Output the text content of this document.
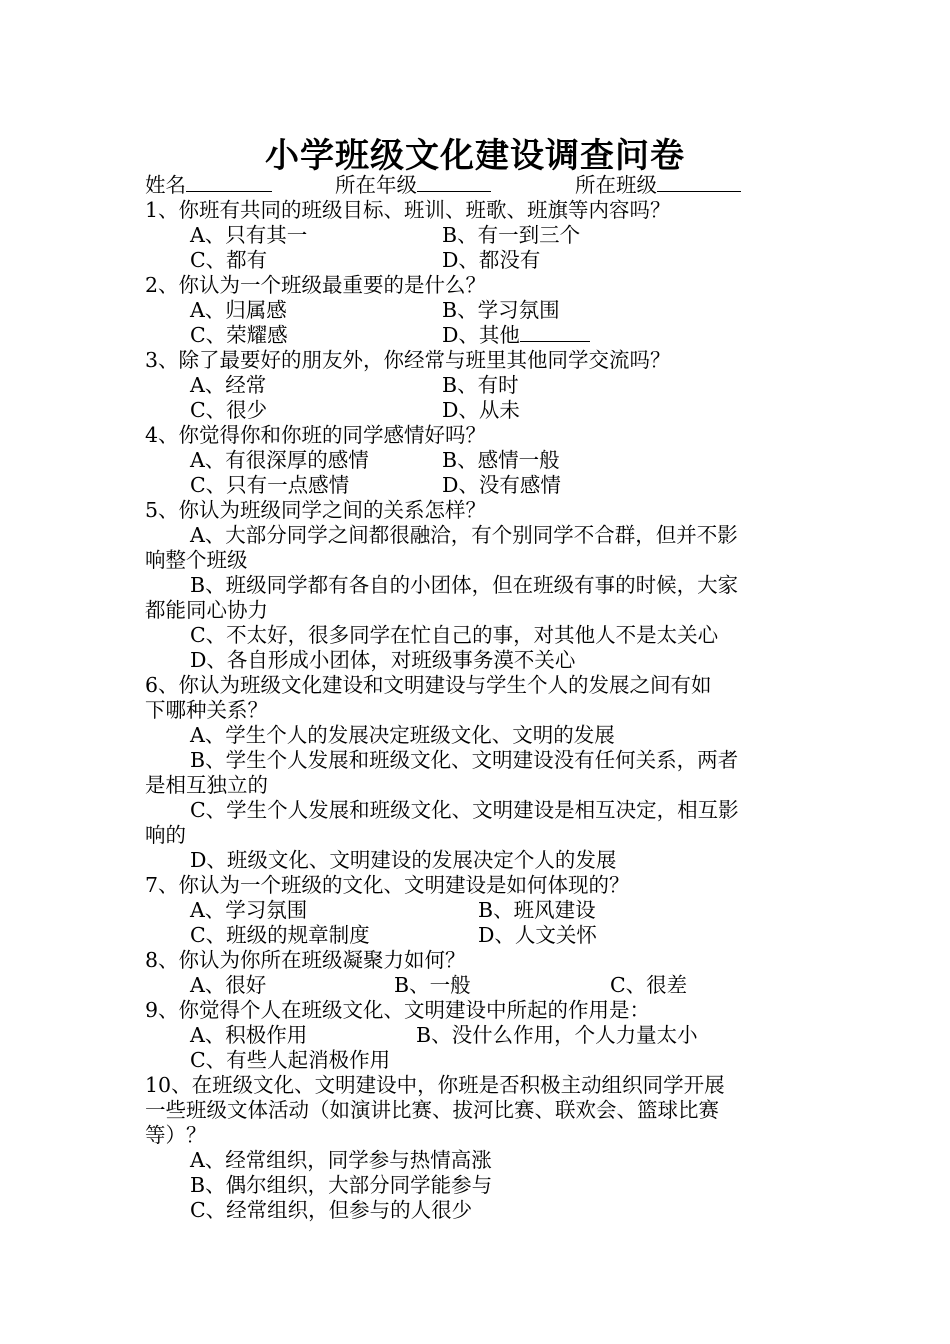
小学班级文化建设调查问卷
姓名	所在年级	所在班级
1、你班有共同的班级目标、班训、班歌、班旗等内容吗？
A、只有其一	B、有一到三个
C、都有	D、都没有
2、你认为一个班级最重要的是什么？
A、归属感	B、学习氛围
C、荣耀感	D、其他
3、除了最要好的朋友外，你经常与班里其他同学交流吗？
A、经常	B、有时
C、很少	D、从未
4、你觉得你和你班的同学感情好吗？
A、有很深厚的感情	B、感情一般
C、只有一点感情	D、没有感情
5、你认为班级同学之间的关系怎样？
A、大部分同学之间都很融洽，有个别同学不合群，但并不影
响整个班级
B、班级同学都有各自的小团体，但在班级有事的时候，大家
都能同心协力
C、不太好，很多同学在忙自己的事，对其他人不是太关心
D、各自形成小团体，对班级事务漠不关心
6、你认为班级文化建设和文明建设与学生个人的发展之间有如
下哪种关系？
A、学生个人的发展决定班级文化、文明的发展
B、学生个人发展和班级文化、文明建设没有任何关系，两者
是相互独立的
C、学生个人发展和班级文化、文明建设是相互决定，相互影
响的
D、班级文化、文明建设的发展决定个人的发展
7、你认为一个班级的文化、文明建设是如何体现的？
A、学习氛围	B、班风建设
C、班级的规章制度	D、人文关怀
8、你认为你所在班级凝聚力如何？
A、很好	B、一般	C、很差
9、你觉得个人在班级文化、文明建设中所起的作用是：
A、积极作用	B、没什么作用，个人力量太小
C、有些人起消极作用
10、在班级文化、文明建设中，你班是否积极主动组织同学开展
一些班级文体活动（如演讲比赛、拔河比赛、联欢会、篮球比赛
等）？
A、经常组织，同学参与热情高涨
B、偶尔组织，大部分同学能参与
C、经常组织，但参与的人很少
